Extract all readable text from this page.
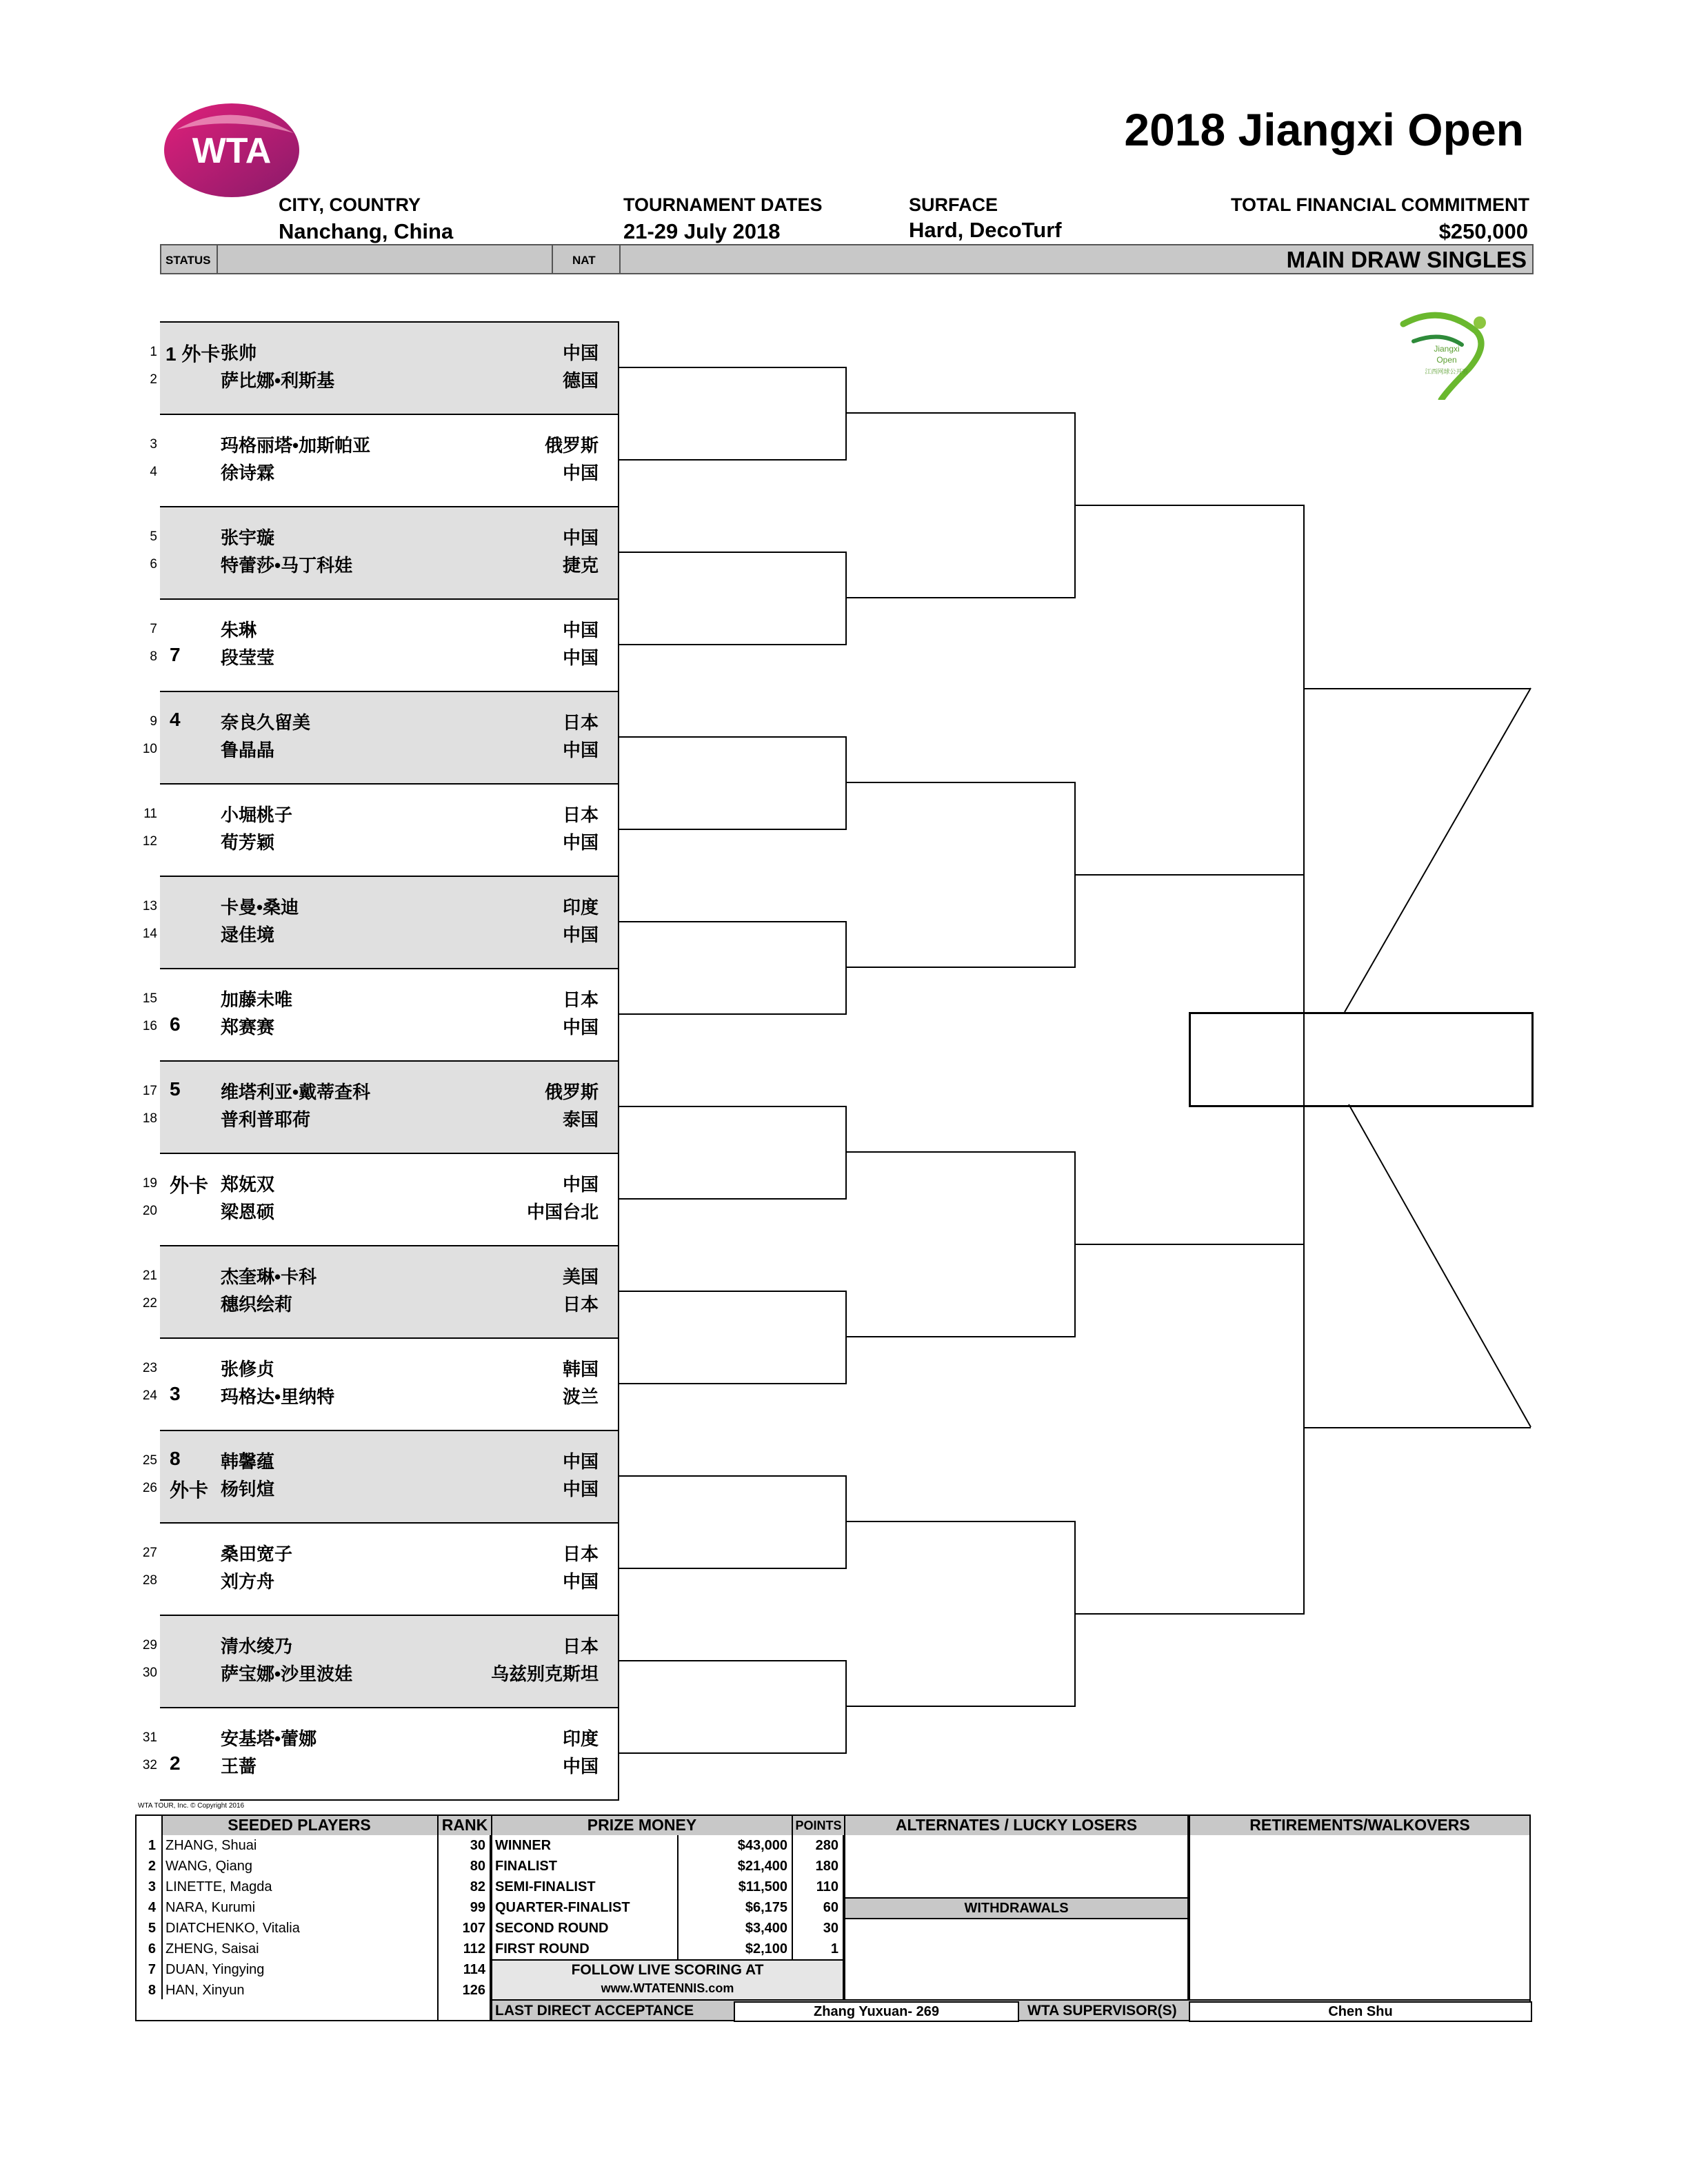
WTA	2018 Jiangxi Open
CITY, COUNTRY
Nanchang, China
TOURNAMENT DATES
21-29 July 2018
SURFACE
Hard, DecoTurf
TOTAL FINANCIAL COMMITMENT
$250,000
STATUS	NAT	MAIN DRAW SINGLES
Jiangxi
Open
江西网球公开赛
1 1 外卡 张帅	中国
2	萨比娜•利斯基	德国
3	玛格丽塔•加斯帕亚	俄罗斯
4	徐诗霖	中国
5	张宇璇	中国
6	特蕾莎•马丁科娃	捷克
7	朱琳	中国
8 7 段莹莹	中国
9 4 奈良久留美	日本
10	鲁晶晶	中国
11	小堀桃子	日本
12	荀芳颖	中国
13	卡曼•桑迪	印度
14	逯佳境	中国
15	加藤未唯	日本
16 6 郑赛赛	中国
17 5 维塔利亚•戴蒂查科	俄罗斯
18	普利普耶荷	泰国
19 外卡 郑妩双	中国
20	梁恩硕	中国台北
21	杰奎琳•卡科	美国
22	穗织绘莉	日本
23	张修贞	韩国
24 3 玛格达•里纳特	波兰
25 8 韩馨蕴	中国
26 外卡 杨钊煊	中国
27	桑田宽子	日本
28	刘方舟	中国
29	清水绫乃	日本
30	萨宝娜•沙里波娃	乌兹别克斯坦
31	安基塔•蕾娜	印度
32 2 王蔷	中国
WTA TOUR, Inc. © Copyright 2016
SEEDED PLAYERS	RANK
1 ZHANG, Shuai	30
2 WANG, Qiang	80
3 LINETTE, Magda	82
4 NARA, Kurumi	99
5 DIATCHENKO, Vitalia	107
6 ZHENG, Saisai	112
7 DUAN, Yingying	114
8 HAN, Xinyun	126
PRIZE MONEY	POINTS
WINNER	$43,000	280
FINALIST	$21,400	180
SEMI-FINALIST	$11,500	110
QUARTER-FINALIST	$6,175	60
SECOND ROUND	$3,400	30
FIRST ROUND	$2,100	1
FOLLOW LIVE SCORING AT
www.WTATENNIS.com
ALTERNATES / LUCKY LOSERS
WITHDRAWALS
RETIREMENTS/WALKOVERS
LAST DIRECT ACCEPTANCE	Zhang Yuxuan- 269	WTA SUPERVISOR(S)	Chen Shu
